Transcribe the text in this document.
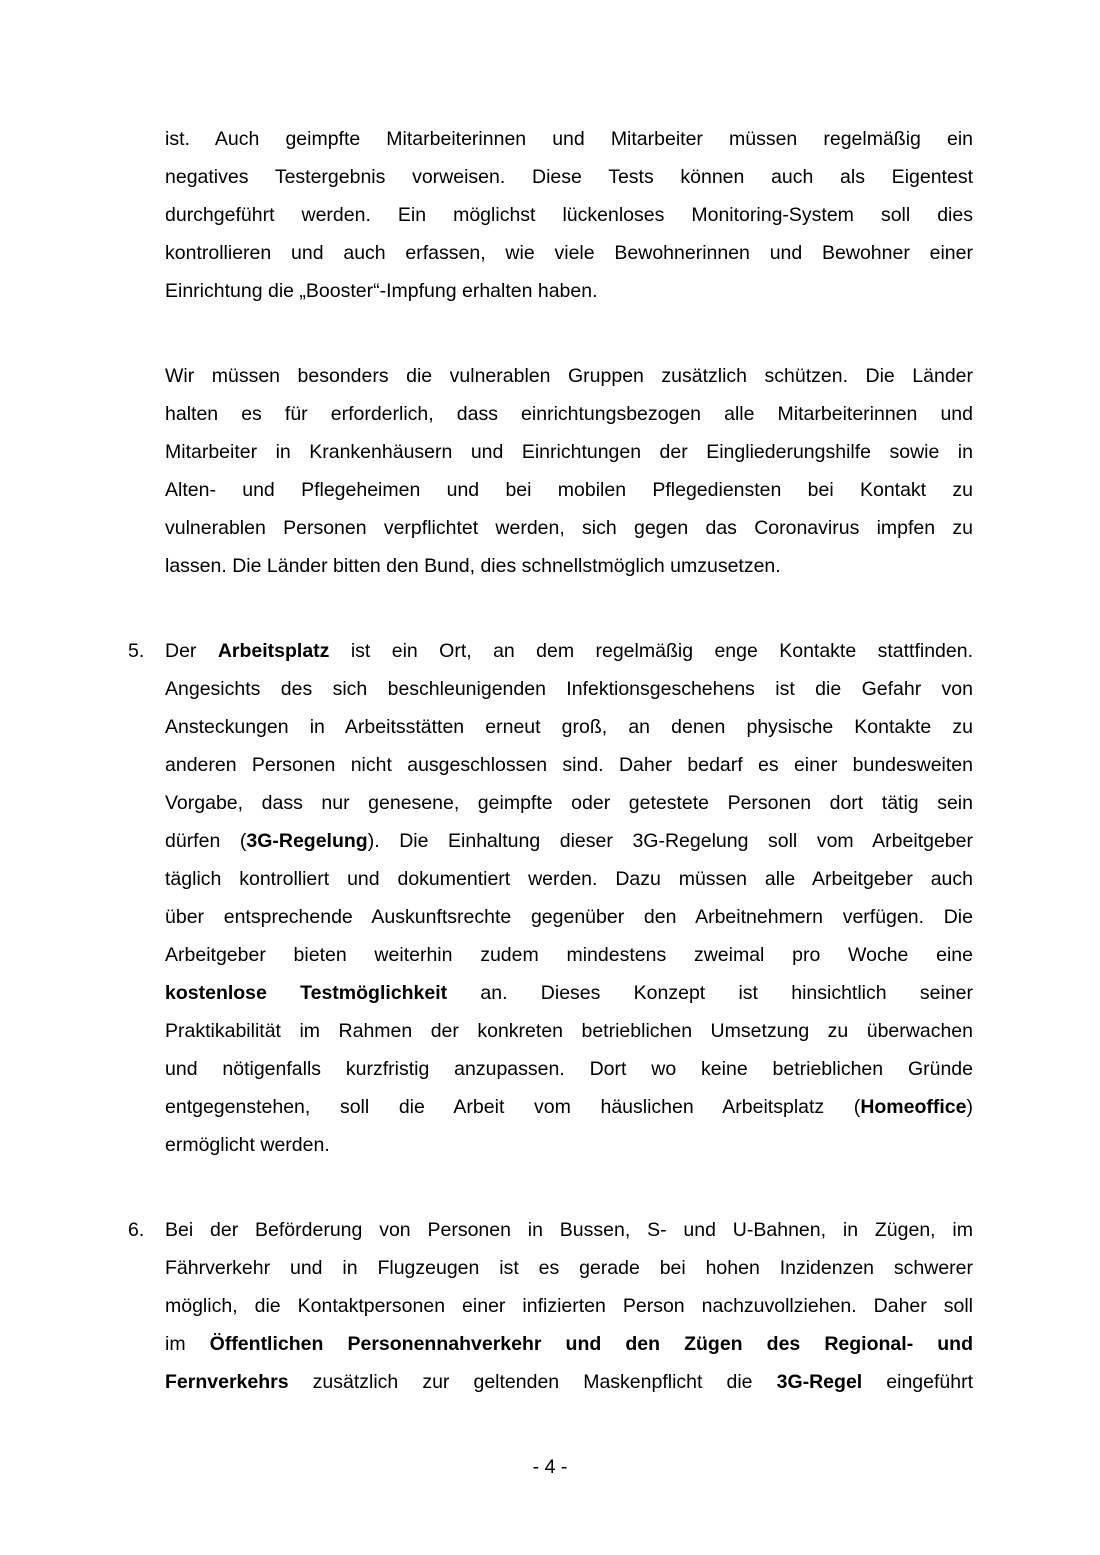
ist. Auch geimpfte Mitarbeiterinnen und Mitarbeiter müssen regelmäßig ein
negatives Testergebnis vorweisen. Diese Tests können auch als Eigentest
durchgeführt werden. Ein möglichst lückenloses Monitoring-System soll dies
kontrollieren und auch erfassen, wie viele Bewohnerinnen und Bewohner einer
Einrichtung die „Booster“-Impfung erhalten haben.
Wir müssen besonders die vulnerablen Gruppen zusätzlich schützen. Die Länder
halten es für erforderlich, dass einrichtungsbezogen alle Mitarbeiterinnen und
Mitarbeiter in Krankenhäusern und Einrichtungen der Eingliederungshilfe sowie in
Alten- und Pflegeheimen und bei mobilen Pflegediensten bei Kontakt zu
vulnerablen Personen verpflichtet werden, sich gegen das Coronavirus impfen zu
lassen. Die Länder bitten den Bund, dies schnellstmöglich umzusetzen.
5. Der Arbeitsplatz ist ein Ort, an dem regelmäßig enge Kontakte stattfinden.
Angesichts des sich beschleunigenden Infektionsgeschehens ist die Gefahr von
Ansteckungen in Arbeitsstätten erneut groß, an denen physische Kontakte zu
anderen Personen nicht ausgeschlossen sind. Daher bedarf es einer bundesweiten
Vorgabe, dass nur genesene, geimpfte oder getestete Personen dort tätig sein
dürfen (3G-Regelung). Die Einhaltung dieser 3G-Regelung soll vom Arbeitgeber
täglich kontrolliert und dokumentiert werden. Dazu müssen alle Arbeitgeber auch
über entsprechende Auskunftsrechte gegenüber den Arbeitnehmern verfügen. Die
Arbeitgeber bieten weiterhin zudem mindestens zweimal pro Woche eine
kostenlose Testmöglichkeit an. Dieses Konzept ist hinsichtlich seiner
Praktikabilität im Rahmen der konkreten betrieblichen Umsetzung zu überwachen
und nötigenfalls kurzfristig anzupassen. Dort wo keine betrieblichen Gründe
entgegenstehen, soll die Arbeit vom häuslichen Arbeitsplatz (Homeoffice)
ermöglicht werden.
6. Bei der Beförderung von Personen in Bussen, S- und U-Bahnen, in Zügen, im
Fährverkehr und in Flugzeugen ist es gerade bei hohen Inzidenzen schwerer
möglich, die Kontaktpersonen einer infizierten Person nachzuvollziehen. Daher soll
im Öffentlichen Personennahverkehr und den Zügen des Regional- und
Fernverkehrs zusätzlich zur geltenden Maskenpflicht die 3G-Regel eingeführt
- 4 -
